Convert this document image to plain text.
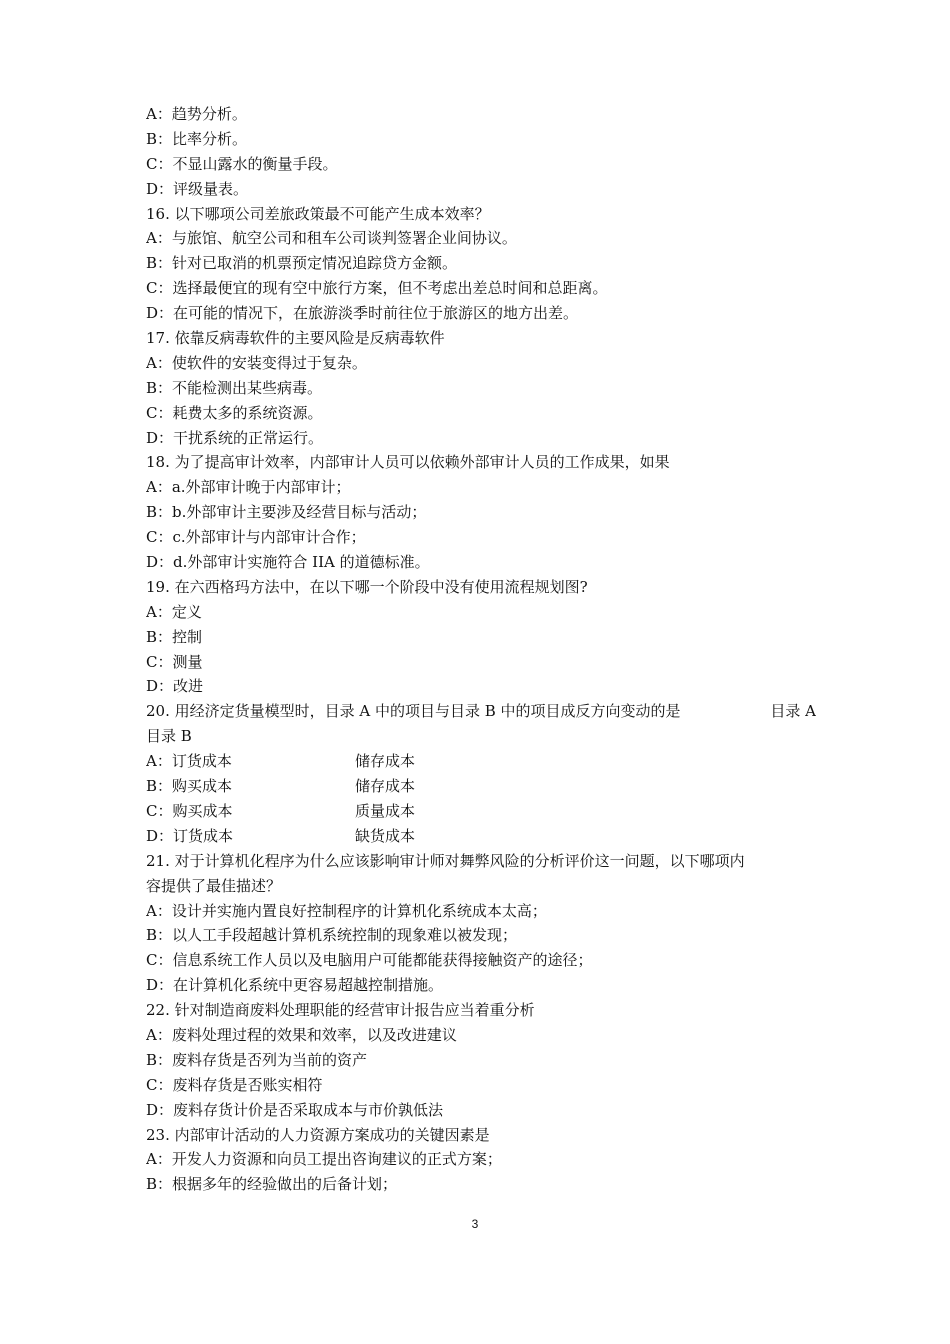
A：趋势分析。
B：比率分析。
C：不显山露水的衡量手段。
D：评级量表。
16. 以下哪项公司差旅政策最不可能产生成本效率？
A：与旅馆、航空公司和租车公司谈判签署企业间协议。
B：针对已取消的机票预定情况追踪贷方金额。
C：选择最便宜的现有空中旅行方案，但不考虑出差总时间和总距离。
D：在可能的情况下，在旅游淡季时前往位于旅游区的地方出差。
17. 依靠反病毒软件的主要风险是反病毒软件
A：使软件的安装变得过于复杂。
B：不能检测出某些病毒。
C：耗费太多的系统资源。
D：干扰系统的正常运行。
18. 为了提高审计效率，内部审计人员可以依赖外部审计人员的工作成果，如果
A：a.外部审计晚于内部审计；
B：b.外部审计主要涉及经营目标与活动；
C：c.外部审计与内部审计合作；
D：d.外部审计实施符合 IIA 的道德标准。
19. 在六西格玛方法中，在以下哪一个阶段中没有使用流程规划图?
A：定义
B：控制
C：测量
D：改进
20. 用经济定货量模型时，目录 A 中的项目与目录 B 中的项目成反方向变动的是	目录 A
目录 B
A：订货成本	储存成本
B：购买成本	储存成本
C：购买成本	质量成本
D：订货成本	缺货成本
21. 对于计算机化程序为什么应该影响审计师对舞弊风险的分析评价这一问题，以下哪项内
容提供了最佳描述？
A：设计并实施内置良好控制程序的计算机化系统成本太高；
B：以人工手段超越计算机系统控制的现象难以被发现；
C：信息系统工作人员以及电脑用户可能都能获得接触资产的途径；
D：在计算机化系统中更容易超越控制措施。
22. 针对制造商废料处理职能的经营审计报告应当着重分析
A：废料处理过程的效果和效率，以及改进建议
B：废料存货是否列为当前的资产
C：废料存货是否账实相符
D：废料存货计价是否采取成本与市价孰低法
23. 内部审计活动的人力资源方案成功的关键因素是
A：开发人力资源和向员工提出咨询建议的正式方案；
B：根据多年的经验做出的后备计划；
3
